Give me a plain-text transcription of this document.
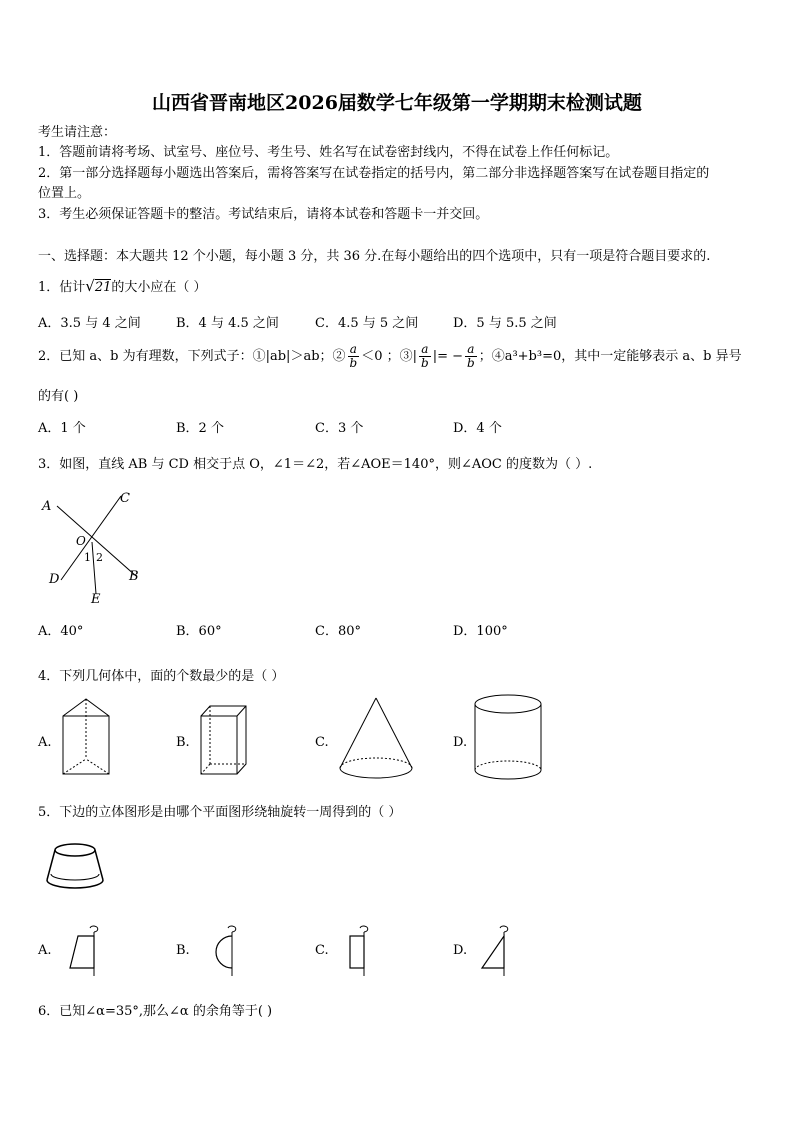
山西省晋南地区2026届数学七年级第一学期期末检测试题
考生请注意：
1．答题前请将考场、试室号、座位号、考生号、姓名写在试卷密封线内，不得在试卷上作任何标记。
2．第一部分选择题每小题选出答案后，需将答案写在试卷指定的括号内，第二部分非选择题答案写在试卷题目指定的
位置上。
3．考生必须保证答题卡的整洁。考试结束后，请将本试卷和答题卡一并交回。
一、选择题：本大题共 12 个小题，每小题 3 分，共 36 分.在每小题给出的四个选项中，只有一项是符合题目要求的.
1．估计√21的大小应在（ ）
A．3.5 与 4 之间	B．4 与 4.5 之间	C．4.5 与 5 之间	D．5 与 5.5 之间
2．已知 a、b 为有理数，下列式子：①|ab|＞ab；② $\frac{a}{b} <0$ ；③| $\frac{a}{b}$ |= − $\frac{a}{b}$ ；④a³+b³=0，其中一定能够表示 a、b 异号
的有( )
A．1 个	B．2 个	C．3 个	D．4 个
3．如图，直线 AB 与 CD 相交于点 O，∠1＝∠2，若∠AOE＝140°，则∠AOC 的度数为（ ）.
A
C
O
1 2
D	B
E
A．40°	B．60°	C．80°	D．100°
4．下列几何体中，面的个数最少的是（ ）
A.	B.	C.	D.
5．下边的立体图形是由哪个平面图形绕轴旋转一周得到的（ ）
A.	B.	C.	D.
6．已知∠α=35°,那么∠α 的余角等于( )
